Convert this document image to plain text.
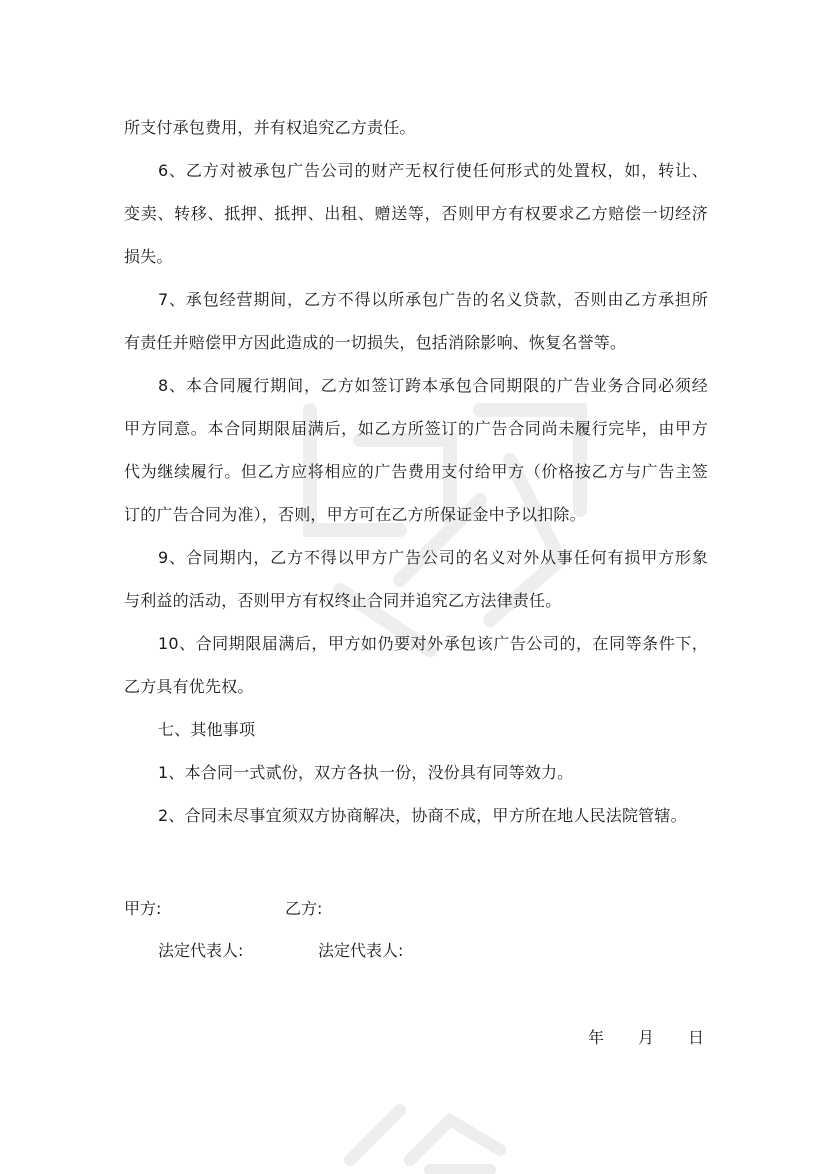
所支付承包费用，并有权追究乙方责任。
6、乙方对被承包广告公司的财产无权行使任何形式的处置权，如，转让、
变卖、转移、抵押、抵押、出租、赠送等，否则甲方有权要求乙方赔偿一切经济
损失。
7、承包经营期间，乙方不得以所承包广告的名义贷款，否则由乙方承担所
有责任并赔偿甲方因此造成的一切损失，包括消除影响、恢复名誉等。
8、本合同履行期间，乙方如签订跨本承包合同期限的广告业务合同必须经
甲方同意。本合同期限届满后，如乙方所签订的广告合同尚未履行完毕，由甲方
代为继续履行。但乙方应将相应的广告费用支付给甲方（价格按乙方与广告主签
订的广告合同为准），否则，甲方可在乙方所保证金中予以扣除。
9、合同期内，乙方不得以甲方广告公司的名义对外从事任何有损甲方形象
与利益的活动，否则甲方有权终止合同并追究乙方法律责任。
10、合同期限届满后，甲方如仍要对外承包该广告公司的，在同等条件下，
乙方具有优先权。
七、其他事项
1、本合同一式贰份，双方各执一份，没份具有同等效力。
2、合同未尽事宜须双方协商解决，协商不成，甲方所在地人民法院管辖。
甲方:	乙方:
法定代表人:	法定代表人:
年 月 日
